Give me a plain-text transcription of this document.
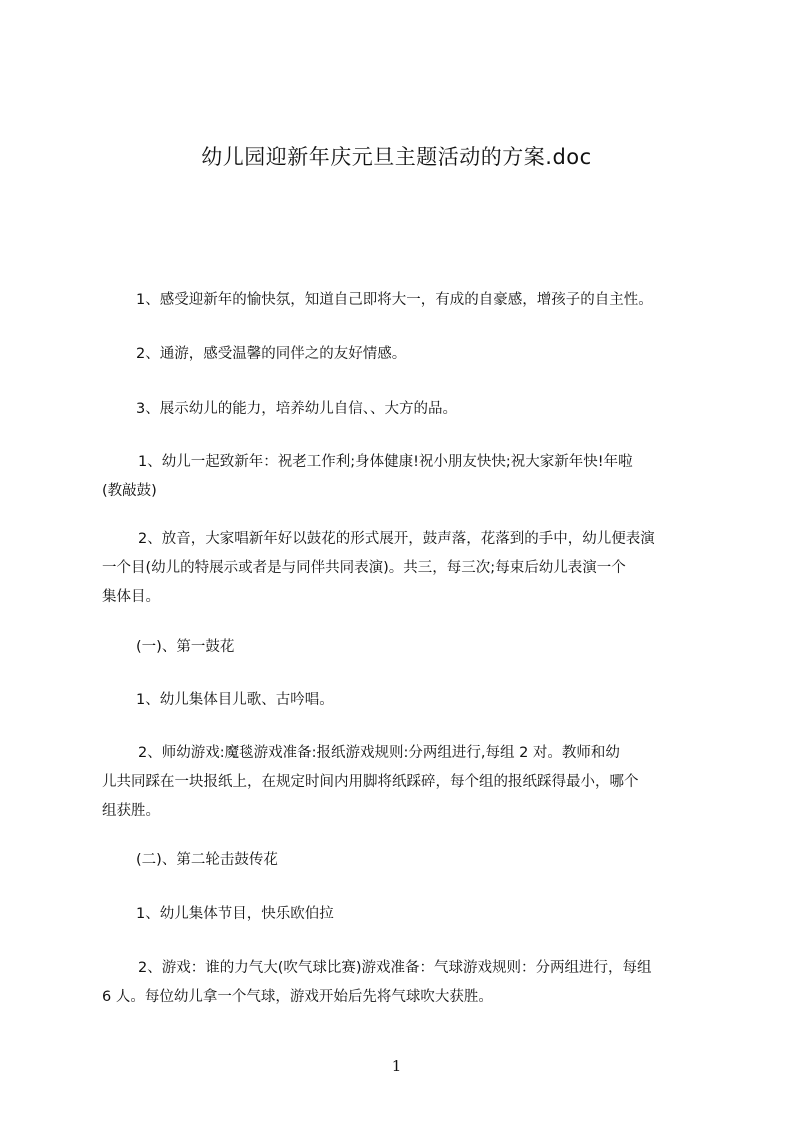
幼儿园迎新年庆元旦主题活动的方案.doc
1、感受迎新年的愉快氛，知道自己即将大一，有成的自豪感，增孩子的自主性。
2、通游，感受温馨的同伴之的友好情感。
3、展示幼儿的能力，培养幼儿自信、、大方的品。
1、幼儿一起致新年：祝老工作利;身体健康!祝小朋友快快;祝大家新年快!年啦
(教敲鼓)
2、放音，大家唱新年好以鼓花的形式展开，鼓声落，花落到的手中，幼儿便表演
一个目(幼儿的特展示或者是与同伴共同表演)。共三，每三次;每束后幼儿表演一个
集体目。
(一)、第一鼓花
1、幼儿集体目儿歌、古吟唱。
2、师幼游戏:魔毯游戏准备:报纸游戏规则:分两组进行,每组 2 对。教师和幼
儿共同踩在一块报纸上，在规定时间内用脚将纸踩碎，每个组的报纸踩得最小，哪个
组获胜。
(二)、第二轮击鼓传花
1、幼儿集体节目，快乐欧伯拉
2、游戏：谁的力气大(吹气球比赛)游戏准备：气球游戏规则：分两组进行，每组
6 人。每位幼儿拿一个气球，游戏开始后先将气球吹大获胜。
1
